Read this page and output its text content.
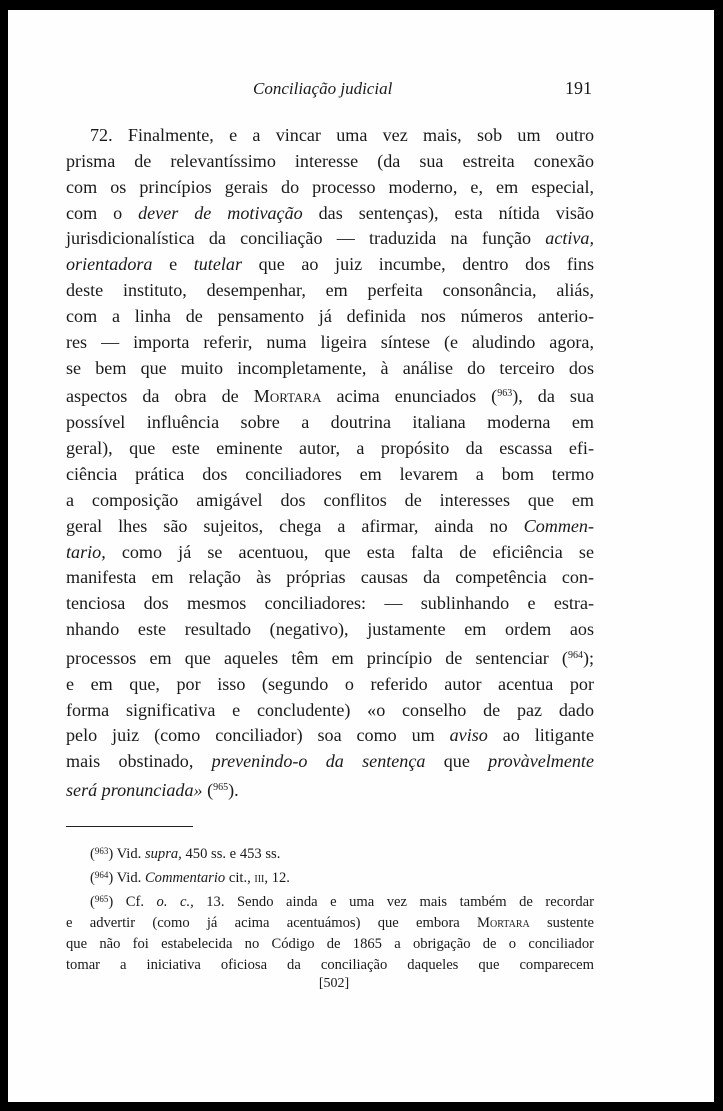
Conciliação judicial	191
72. Finalmente, e a vincar uma vez mais, sob um outro
prisma de relevantíssimo interesse (da sua estreita conexão
com os princípios gerais do processo moderno, e, em especial,
com o dever de motivação das sentenças), esta nítida visão
jurisdicionalística da conciliação — traduzida na função activa,
orientadora e tutelar que ao juiz incumbe, dentro dos fins
deste instituto, desempenhar, em perfeita consonância, aliás,
com a linha de pensamento já definida nos números anterio-
res — importa referir, numa ligeira síntese (e aludindo agora,
se bem que muito incompletamente, à análise do terceiro dos
aspectos da obra de Mortara acima enunciados ($^{963}$), da sua
possível influência sobre a doutrina italiana moderna em
geral), que este eminente autor, a propósito da escassa efi-
ciência prática dos conciliadores em levarem a bom termo
a composição amigável dos conflitos de interesses que em
geral lhes são sujeitos, chega a afirmar, ainda no Commen-
tario, como já se acentuou, que esta falta de eficiência se
manifesta em relação às próprias causas da competência con-
tenciosa dos mesmos conciliadores: — sublinhando e estra-
nhando este resultado (negativo), justamente em ordem aos
processos em que aqueles têm em princípio de sentenciar ($^{964}$);
e em que, por isso (segundo o referido autor acentua por
forma significativa e concludente) «o conselho de paz dado
pelo juiz (como conciliador) soa como um aviso ao litigante
mais obstinado, prevenindo-o da sentença que provàvelmente
será pronunciada» ($^{965}$).
($^{963}$) Vid. supra, 450 ss. e 453 ss.
($^{964}$) Vid. Commentario cit., iii, 12.
($^{965}$) Cf. o. c., 13. Sendo ainda e uma vez mais também de recordar
e advertir (como já acima acentuámos) que embora Mortara sustente
que não foi estabelecida no Código de 1865 a obrigação de o conciliador
tomar a iniciativa oficiosa da conciliação daqueles que comparecem
[502]
